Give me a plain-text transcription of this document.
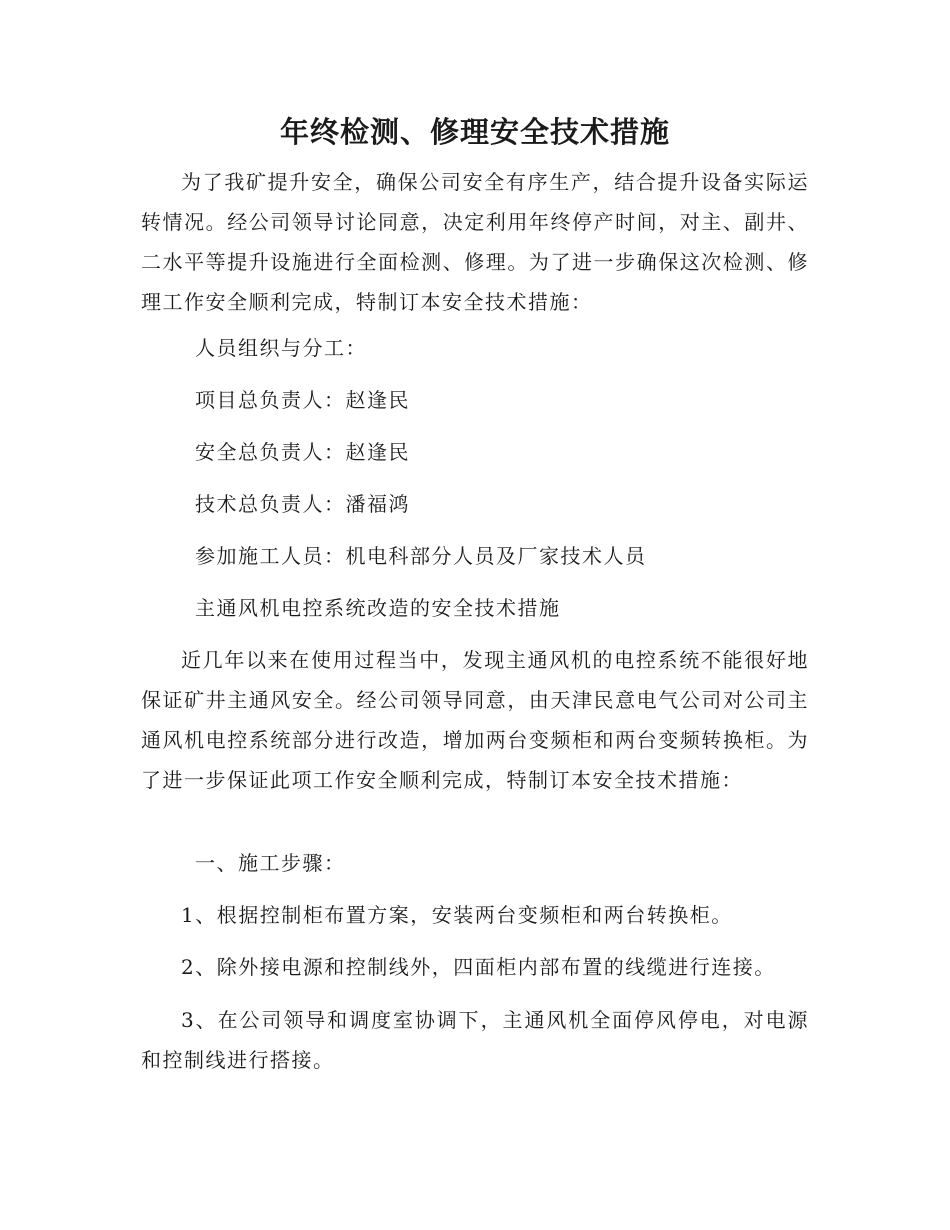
年终检测、修理安全技术措施

为了我矿提升安全，确保公司安全有序生产，结合提升设备实际运转情况。经公司领导讨论同意，决定利用年终停产时间，对主、副井、二水平等提升设施进行全面检测、修理。为了进一步确保这次检测、修理工作安全顺利完成，特制订本安全技术措施：

人员组织与分工：

项目总负责人：赵逢民

安全总负责人：赵逢民

技术总负责人：潘福鸿

参加施工人员：机电科部分人员及厂家技术人员

主通风机电控系统改造的安全技术措施

近几年以来在使用过程当中，发现主通风机的电控系统不能很好地保证矿井主通风安全。经公司领导同意，由天津民意电气公司对公司主通风机电控系统部分进行改造，增加两台变频柜和两台变频转换柜。为了进一步保证此项工作安全顺利完成，特制订本安全技术措施：

一、施工步骤：

1、根据控制柜布置方案，安装两台变频柜和两台转换柜。

2、除外接电源和控制线外，四面柜内部布置的线缆进行连接。

3、在公司领导和调度室协调下，主通风机全面停风停电，对电源和控制线进行搭接。
